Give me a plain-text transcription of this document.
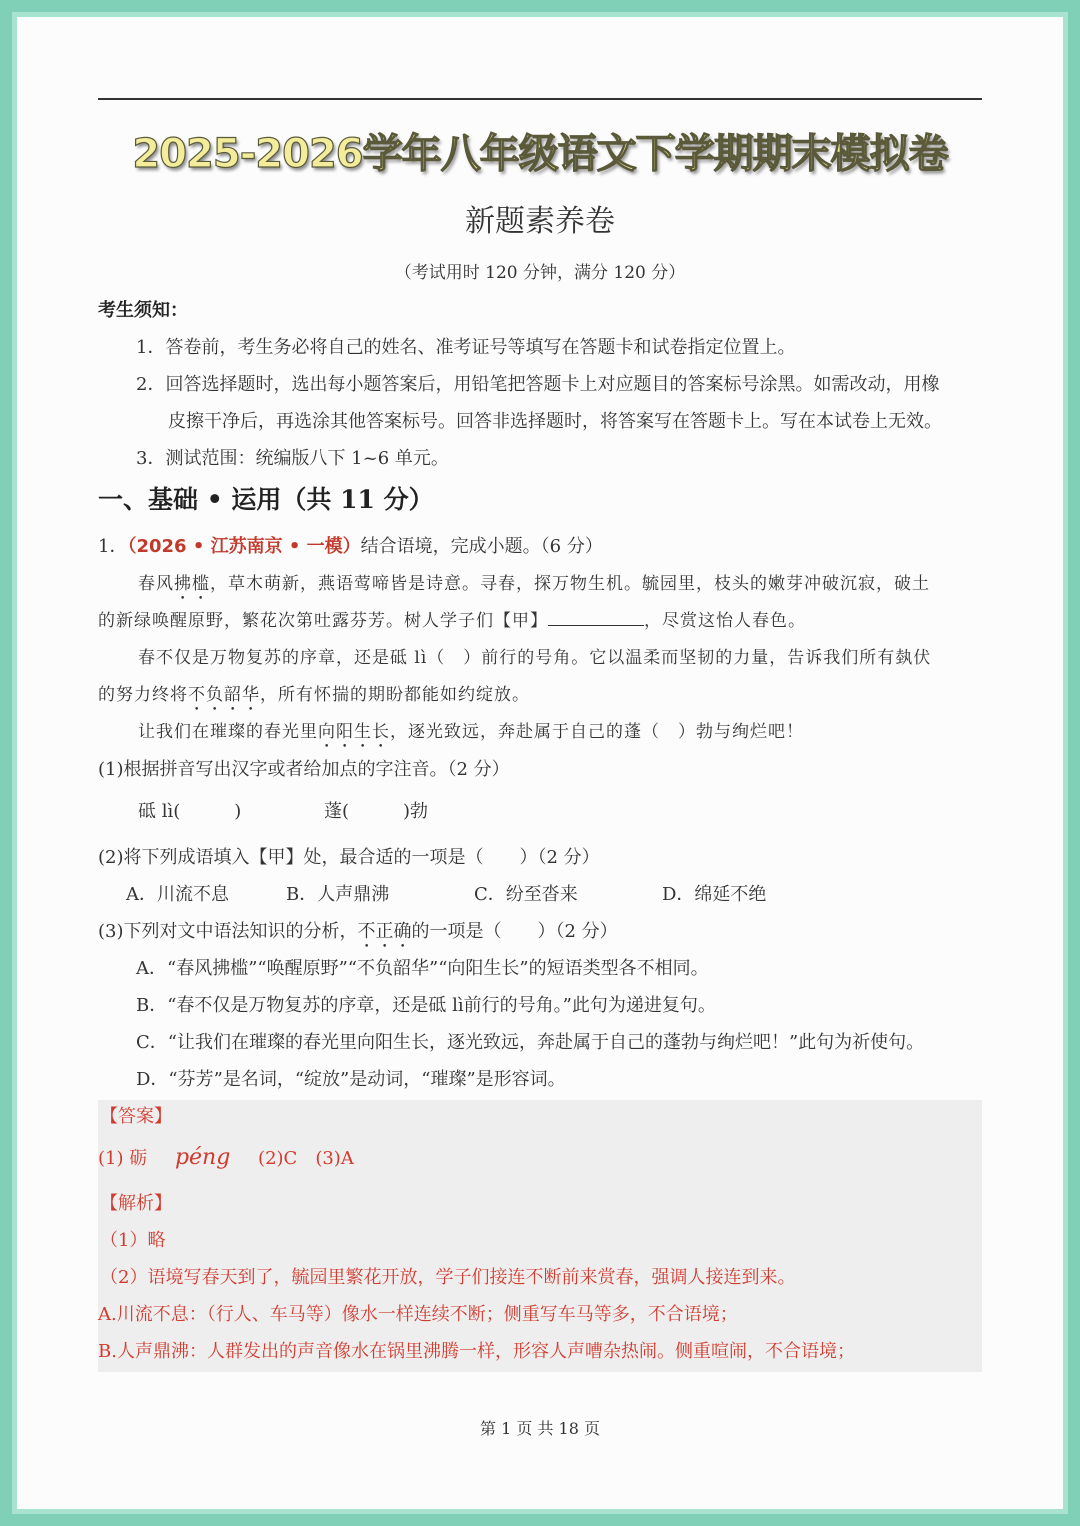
2025-2026学年八年级语文下学期期末模拟卷
新题素养卷
（考试用时 120 分钟，满分 120 分）
考生须知：
1．答卷前，考生务必将自己的姓名、准考证号等填写在答题卡和试卷指定位置上。
2．回答选择题时，选出每小题答案后，用铅笔把答题卡上对应题目的答案标号涂黑。如需改动，用橡
皮擦干净后，再选涂其他答案标号。回答非选择题时，将答案写在答题卡上。写在本试卷上无效。
3．测试范围：统编版八下 1~6 单元。
一、基础 • 运用（共 11 分）
1．（2026 • 江苏南京 • 一模）结合语境，完成小题。（6 分）
春风拂槛，草木萌新，燕语莺啼皆是诗意。寻春，探万物生机。毓园里，枝头的嫩芽冲破沉寂，破土
的新绿唤醒原野，繁花次第吐露芬芳。树人学子们【甲】	，尽赏这怡人春色。
春不仅是万物复苏的序章，还是砥 lì（　）前行的号角。它以温柔而坚韧的力量，告诉我们所有埶伏
的努力终将不负韶华，所有怀揣的期盼都能如约绽放。
让我们在璀璨的春光里向阳生长，逐光致远，奔赴属于自己的蓬（　）勃与绚烂吧！
(1)根据拼音写出汉字或者给加点的字注音。（2 分）
砥 lì(　　　)	蓬(　　　)勃
(2)将下列成语填入【甲】处，最合适的一项是（　　）（2 分）
A．川流不息	B．人声鼎沸	C．纷至沓来	D．绵延不绝
(3)下列对文中语法知识的分析，不正确的一项是（　　）（2 分）
A．“春风拂槛”“唤醒原野”“不负韶华”“向阳生长”的短语类型各不相同。
B．“春不仅是万物复苏的序章，还是砥 lì前行的号角。”此句为递进复句。
C．“让我们在璀璨的春光里向阳生长，逐光致远，奔赴属于自己的蓬勃与绚烂吧！”此句为祈使句。
D．“芬芳”是名词，“绽放”是动词，“璀璨”是形容词。
【答案】
(1) 砺 péng (2)C　(3)A
【解析】
（1）略
（2）语境写春天到了，毓园里繁花开放，学子们接连不断前来赏春，强调人接连到来。
A.川流不息：（行人、车马等）像水一样连续不断；侧重写车马等多，不合语境；
B.人声鼎沸：人群发出的声音像水在锅里沸腾一样，形容人声嘈杂热闹。侧重喧闹，不合语境；
第 1 页 共 18 页
